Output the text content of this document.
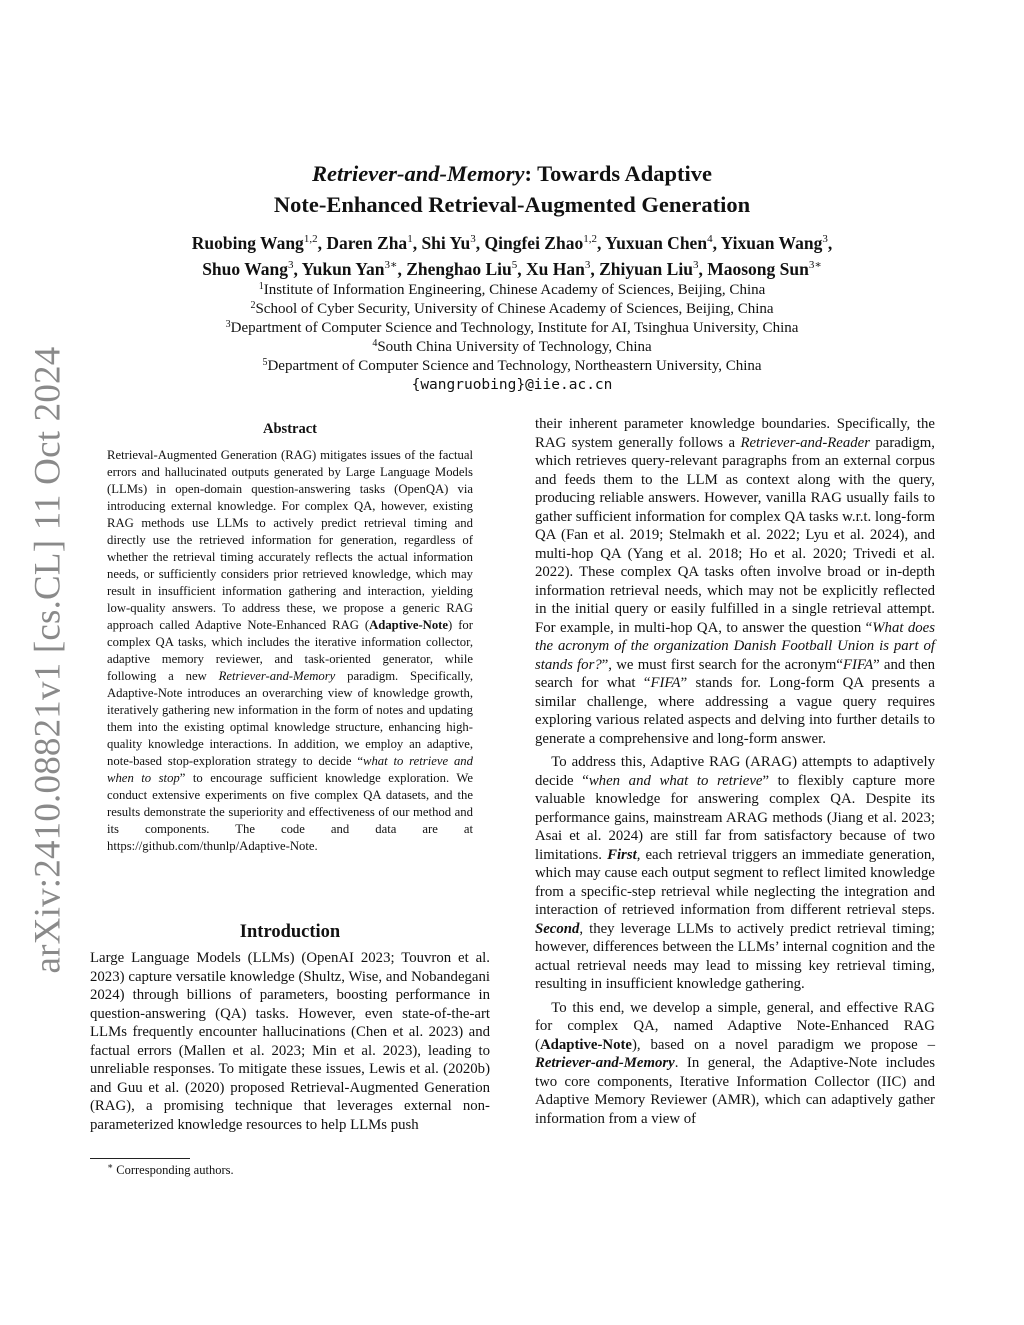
arXiv:2410.08821v1 [cs.CL] 11 Oct 2024
Retriever-and-Memory: Towards Adaptive
Note-Enhanced Retrieval-Augmented Generation
Ruobing Wang$^{1,2}$, Daren Zha$^1$, Shi Yu$^3$, Qingfei Zhao$^{1,2}$, Yuxuan Chen$^4$, Yixuan Wang$^3$,
Shuo Wang$^3$, Yukun Yan$^{3∗}$, Zhenghao Liu$^5$, Xu Han$^3$, Zhiyuan Liu$^3$, Maosong Sun$^{3∗}$
$^1$Institute of Information Engineering, Chinese Academy of Sciences, Beijing, China
$^2$School of Cyber Security, University of Chinese Academy of Sciences, Beijing, China
$^3$Department of Computer Science and Technology, Institute for AI, Tsinghua University, China
$^4$South China University of Technology, China
$^5$Department of Computer Science and Technology, Northeastern University, China
{wangruobing}@iie.ac.cn
Abstract
Retrieval-Augmented Generation (RAG) mitigates issues of the factual errors and hallucinated outputs generated by Large Language Models (LLMs) in open-domain question-answering tasks (OpenQA) via introducing external knowledge. For complex QA, however, existing RAG methods use LLMs to actively predict retrieval timing and directly use the retrieved information for generation, regardless of whether the retrieval timing accurately reflects the actual information needs, or sufficiently considers prior retrieved knowledge, which may result in insufficient information gathering and interaction, yielding low-quality answers. To address these, we propose a generic RAG approach called Adaptive Note-Enhanced RAG (Adaptive-Note) for complex QA tasks, which includes the iterative information collector, adaptive memory reviewer, and task-oriented generator, while following a new Retriever-and-Memory paradigm. Specifically, Adaptive-Note introduces an overarching view of knowledge growth, iteratively gathering new information in the form of notes and updating them into the existing optimal knowledge structure, enhancing high-quality knowledge interactions. In addition, we employ an adaptive, note-based stop-exploration strategy to decide “what to retrieve and when to stop” to encourage sufficient knowledge exploration. We conduct extensive experiments on five complex QA datasets, and the results demonstrate the superiority and effectiveness of our method and its components. The code and data are at https://github.com/thunlp/Adaptive-Note.
Introduction
Large Language Models (LLMs) (OpenAI 2023; Touvron et al. 2023) capture versatile knowledge (Shultz, Wise, and Nobandegani 2024) through billions of parameters, boosting performance in question-answering (QA) tasks. However, even state-of-the-art LLMs frequently encounter hallucinations (Chen et al. 2023) and factual errors (Mallen et al. 2023; Min et al. 2023), leading to unreliable responses. To mitigate these issues, Lewis et al. (2020b) and Guu et al. (2020) proposed Retrieval-Augmented Generation (RAG), a promising technique that leverages external non-parameterized knowledge resources to help LLMs push
∗ Corresponding authors.

their inherent parameter knowledge boundaries. Specifically, the RAG system generally follows a Retriever-and-Reader paradigm, which retrieves query-relevant paragraphs from an external corpus and feeds them to the LLM as context along with the query, producing reliable answers. However, vanilla RAG usually fails to gather sufficient information for complex QA tasks w.r.t. long-form QA (Fan et al. 2019; Stelmakh et al. 2022; Lyu et al. 2024), and multi-hop QA (Yang et al. 2018; Ho et al. 2020; Trivedi et al. 2022). These complex QA tasks often involve broad or in-depth information retrieval needs, which may not be explicitly reflected in the initial query or easily fulfilled in a single retrieval attempt. For example, in multi-hop QA, to answer the question “What does the acronym of the organization Danish Football Union is part of stands for?”, we must first search for the acronym“FIFA” and then search for what “FIFA” stands for. Long-form QA presents a similar challenge, where addressing a vague query requires exploring various related aspects and delving into further details to generate a comprehensive and long-form answer.

To address this, Adaptive RAG (ARAG) attempts to adaptively decide “when and what to retrieve” to flexibly capture more valuable knowledge for answering complex QA. Despite its performance gains, mainstream ARAG methods (Jiang et al. 2023; Asai et al. 2024) are still far from satisfactory because of two limitations. First, each retrieval triggers an immediate generation, which may cause each output segment to reflect limited knowledge from a specific-step retrieval while neglecting the integration and interaction of retrieved information from different retrieval steps. Second, they leverage LLMs to actively predict retrieval timing; however, differences between the LLMs’ internal cognition and the actual retrieval needs may lead to missing key retrieval timing, resulting in insufficient knowledge gathering.

To this end, we develop a simple, general, and effective RAG for complex QA, named Adaptive Note-Enhanced RAG (Adaptive-Note), based on a novel paradigm we propose – Retriever-and-Memory. In general, the Adaptive-Note includes two core components, Iterative Information Collector (IIC) and Adaptive Memory Reviewer (AMR), which can adaptively gather information from a view of
